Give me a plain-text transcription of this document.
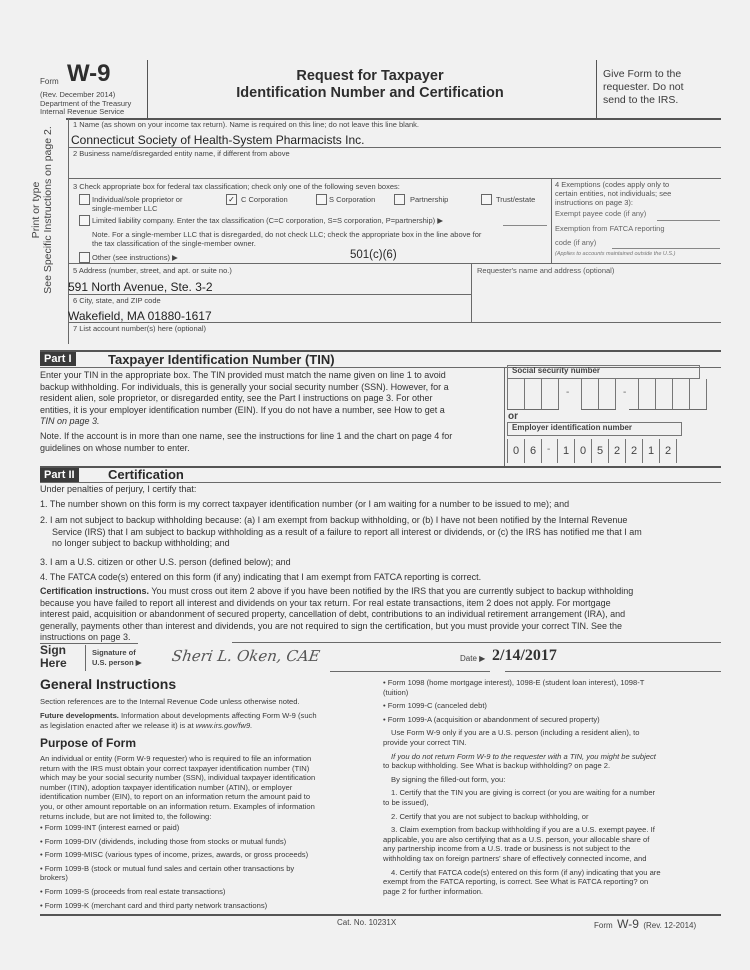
Form W-9
(Rev. December 2014)
Department of the Treasury
Internal Revenue Service
Request for Taxpayer
Identification Number and Certification
Give Form to the
requester. Do not
send to the IRS.
Print or type See Specific Instructions on page 2.
1 Name (as shown on your income tax return). Name is required on this line; do not leave this line blank.
Connecticut Society of Health-System Pharmacists Inc.
2 Business name/disregarded entity name, if different from above
3 Check appropriate box for federal tax classification; check only one of the following seven boxes:
Individual/sole proprietor or
single-member LLC
✓ C Corporation	S Corporation	Partnership	Trust/estate
Limited liability company. Enter the tax classification (C=C corporation, S=S corporation, P=partnership) ▶
Note. For a single-member LLC that is disregarded, do not check LLC; check the appropriate box in the line above for
the tax classification of the single-member owner.
Other (see instructions) ▶	501(c)(6)
4 Exemptions (codes apply only to
certain entities, not individuals; see
instructions on page 3):
Exempt payee code (if any)
Exemption from FATCA reporting
code (if any)
(Applies to accounts maintained outside the U.S.)
5 Address (number, street, and apt. or suite no.)
591 North Avenue, Ste. 3-2
6 City, state, and ZIP code
Wakefield, MA 01880-1617
Requester's name and address (optional)
7 List account number(s) here (optional)
Part I	Taxpayer Identification Number (TIN)
Enter your TIN in the appropriate box. The TIN provided must match the name given on line 1 to avoid
backup withholding. For individuals, this is generally your social security number (SSN). However, for a
resident alien, sole proprietor, or disregarded entity, see the Part I instructions on page 3. For other
entities, it is your employer identification number (EIN). If you do not have a number, see How to get a
TIN on page 3.
Note. If the account is in more than one name, see the instructions for line 1 and the chart on page 4 for
guidelines on whose number to enter.
Social security number
-	-
or
Employer identification number
0 6	-	1 0 5 2 2 1 2
Part II	Certification
Under penalties of perjury, I certify that:
1. The number shown on this form is my correct taxpayer identification number (or I am waiting for a number to be issued to me); and
2. I am not subject to backup withholding because: (a) I am exempt from backup withholding, or (b) I have not been notified by the Internal Revenue
Service (IRS) that I am subject to backup withholding as a result of a failure to report all interest or dividends, or (c) the IRS has notified me that I am
no longer subject to backup withholding; and
3. I am a U.S. citizen or other U.S. person (defined below); and
4. The FATCA code(s) entered on this form (if any) indicating that I am exempt from FATCA reporting is correct.
Certification instructions. You must cross out item 2 above if you have been notified by the IRS that you are currently subject to backup withholding
because you have failed to report all interest and dividends on your tax return. For real estate transactions, item 2 does not apply. For mortgage
interest paid, acquisition or abandonment of secured property, cancellation of debt, contributions to an individual retirement arrangement (IRA), and
generally, payments other than interest and dividends, you are not required to sign the certification, but you must provide your correct TIN. See the
instructions on page 3.
Sign
Here
Signature of
U.S. person ▶ Sheri L. Oken, CAE	Date ▶ 2/14/2017
General Instructions
Section references are to the Internal Revenue Code unless otherwise noted.
Future developments. Information about developments affecting Form W-9 (such
as legislation enacted after we release it) is at www.irs.gov/fw9.
Purpose of Form
An individual or entity (Form W-9 requester) who is required to file an information
return with the IRS must obtain your correct taxpayer identification number (TIN)
which may be your social security number (SSN), individual taxpayer identification
number (ITIN), adoption taxpayer identification number (ATIN), or employer
identification number (EIN), to report on an information return the amount paid to
you, or other amount reportable on an information return. Examples of information
returns include, but are not limited to, the following:
• Form 1099-INT (interest earned or paid)
• Form 1099-DIV (dividends, including those from stocks or mutual funds)
• Form 1099-MISC (various types of income, prizes, awards, or gross proceeds)
• Form 1099-B (stock or mutual fund sales and certain other transactions by
brokers)
• Form 1099-S (proceeds from real estate transactions)
• Form 1099-K (merchant card and third party network transactions)
• Form 1098 (home mortgage interest), 1098-E (student loan interest), 1098-T
(tuition)
• Form 1099-C (canceled debt)
• Form 1099-A (acquisition or abandonment of secured property)
Use Form W-9 only if you are a U.S. person (including a resident alien), to
provide your correct TIN.
If you do not return Form W-9 to the requester with a TIN, you might be subject
to backup withholding. See What is backup withholding? on page 2.
By signing the filled-out form, you:
1. Certify that the TIN you are giving is correct (or you are waiting for a number
to be issued),
2. Certify that you are not subject to backup withholding, or
3. Claim exemption from backup withholding if you are a U.S. exempt payee. If
applicable, you are also certifying that as a U.S. person, your allocable share of
any partnership income from a U.S. trade or business is not subject to the
withholding tax on foreign partners' share of effectively connected income, and
4. Certify that FATCA code(s) entered on this form (if any) indicating that you are
exempt from the FATCA reporting, is correct. See What is FATCA reporting? on
page 2 for further information.
Cat. No. 10231X	Form W-9 (Rev. 12-2014)
